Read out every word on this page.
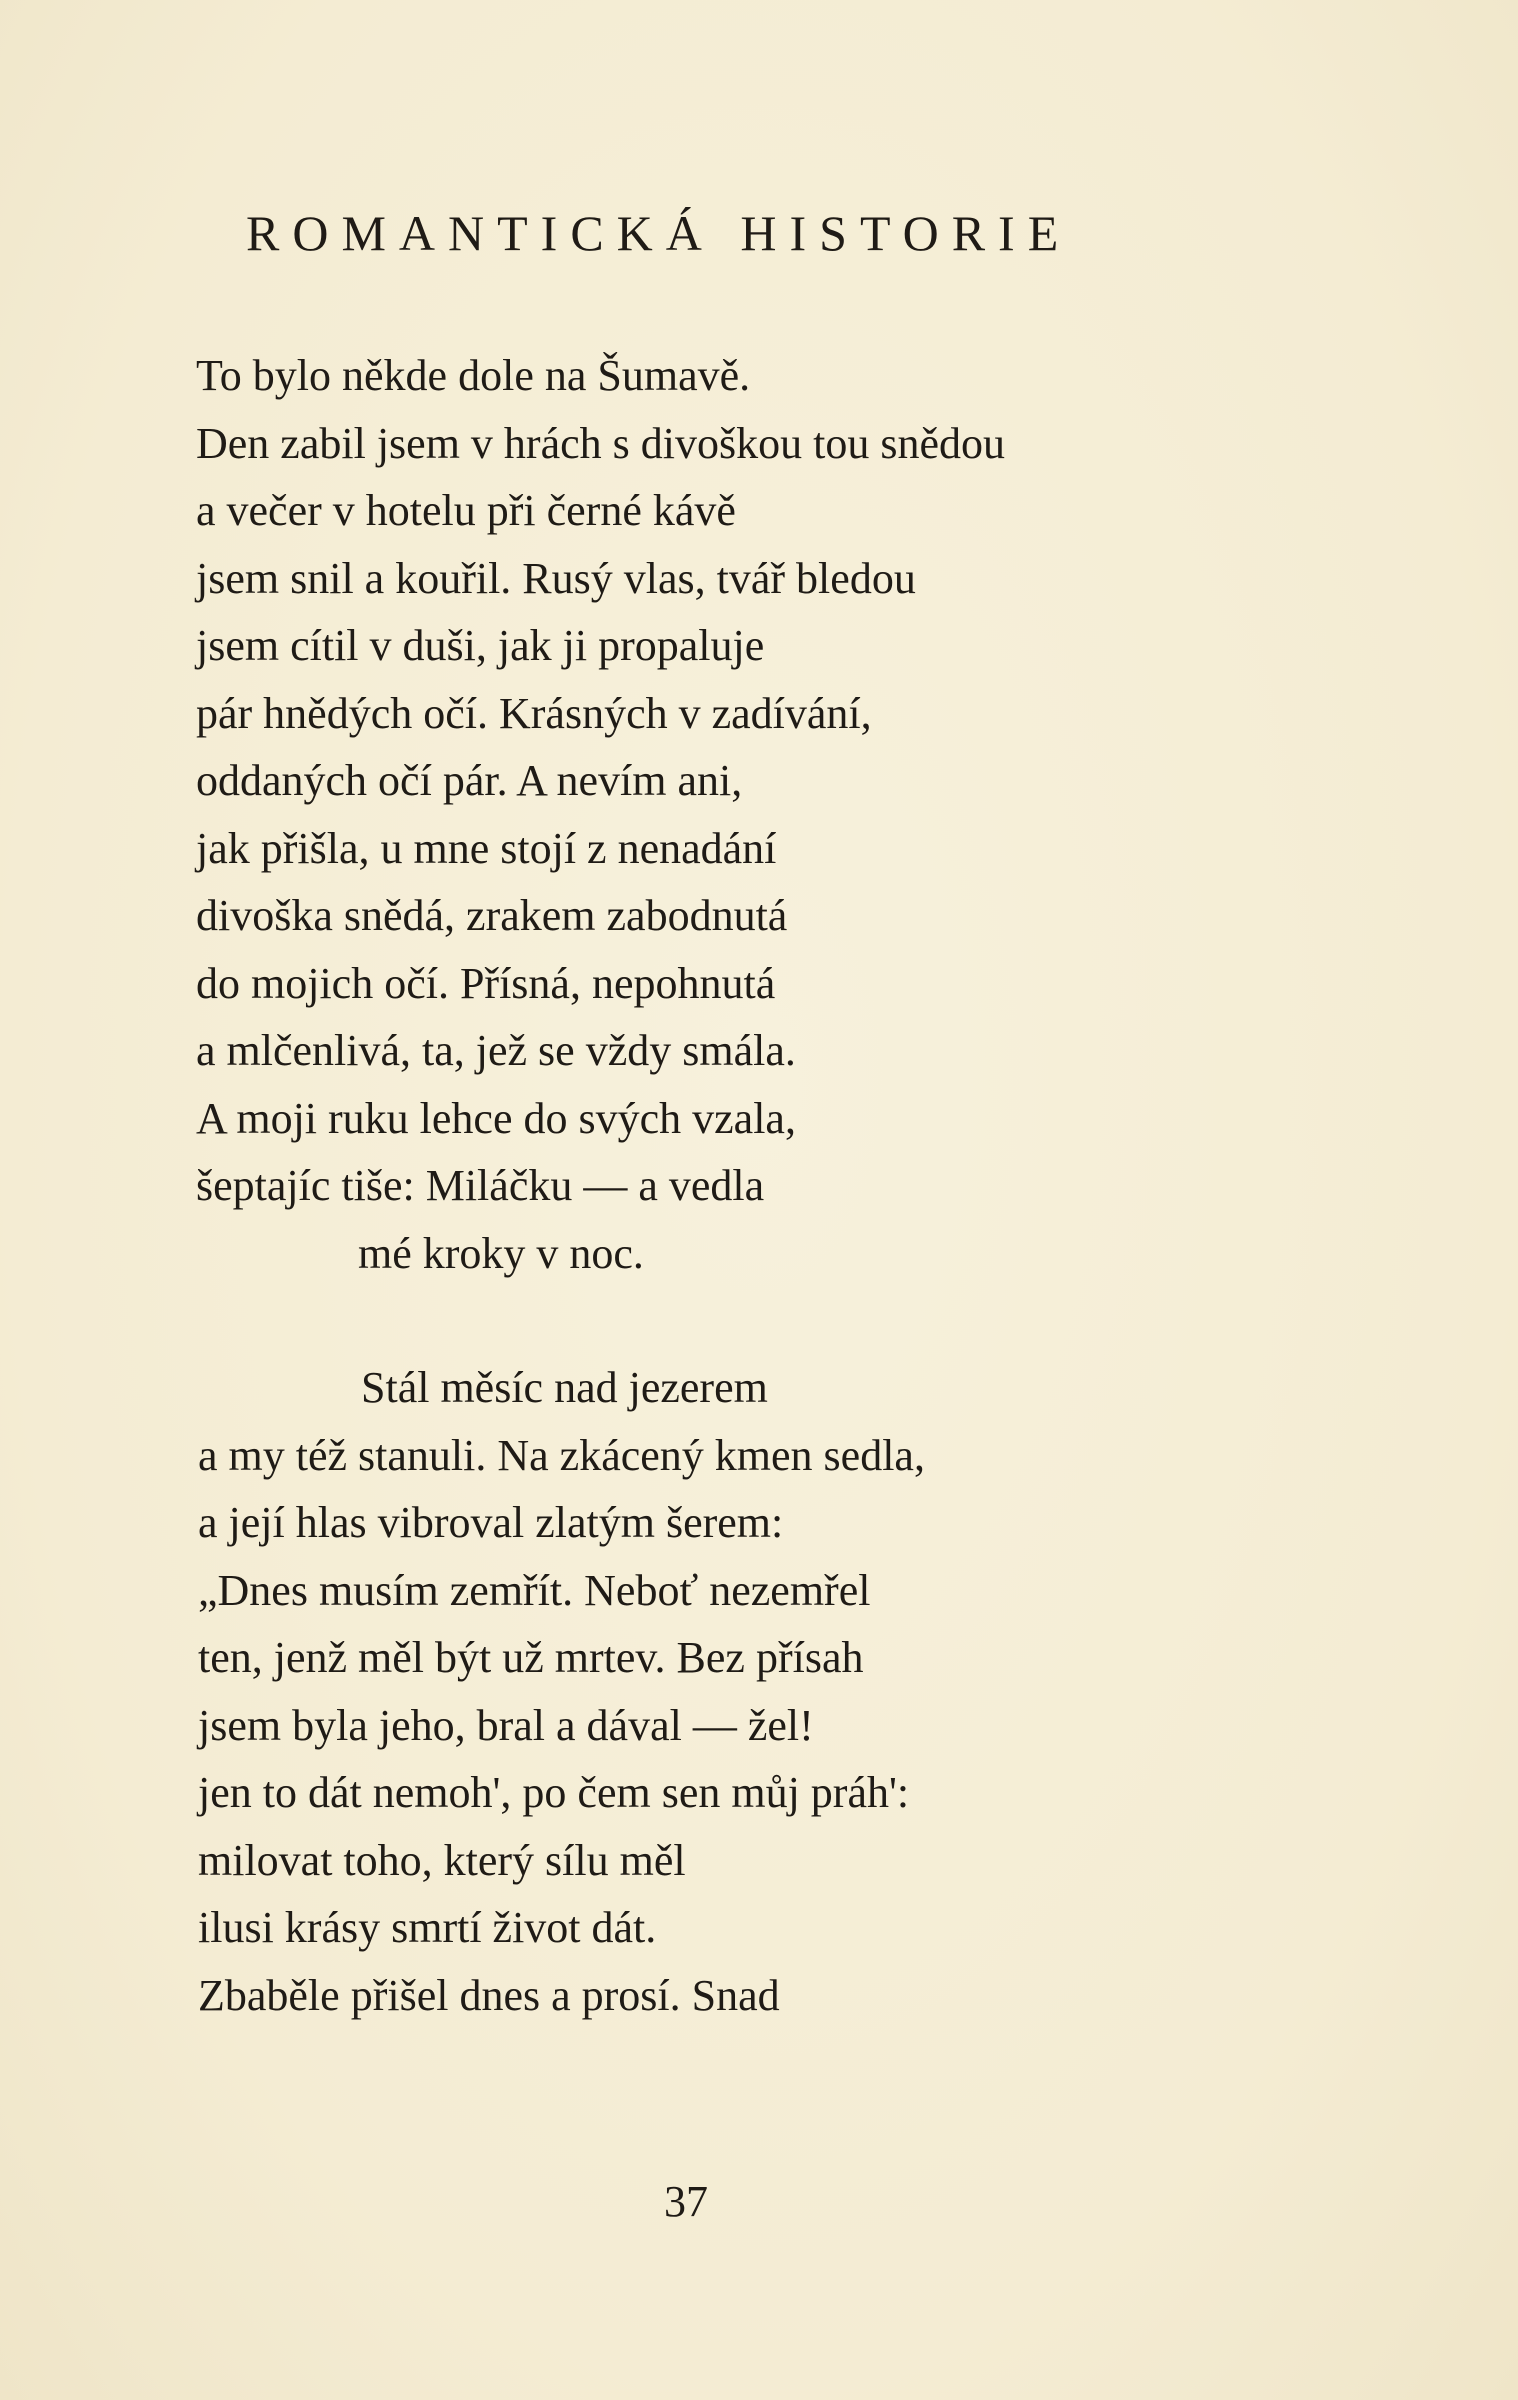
ROMANTICKÁ HISTORIE
To bylo někde dole na Šumavě.
Den zabil jsem v hrách s divoškou tou snědou
a večer v hotelu při černé kávě
jsem snil a kouřil. Rusý vlas, tvář bledou
jsem cítil v duši, jak ji propaluje
pár hnědých očí. Krásných v zadívání,
oddaných očí pár. A nevím ani,
jak přišla, u mne stojí z nenadání
divoška snědá, zrakem zabodnutá
do mojich očí. Přísná, nepohnutá
a mlčenlivá, ta, jež se vždy smála.
A moji ruku lehce do svých vzala,
šeptajíc tiše: Miláčku — a vedla
mé kroky v noc.
Stál měsíc nad jezerem
a my též stanuli. Na zkácený kmen sedla,
a její hlas vibroval zlatým šerem:
„Dnes musím zemřít. Neboť nezemřel
ten, jenž měl být už mrtev. Bez přísah
jsem byla jeho, bral a dával — žel!
jen to dát nemoh', po čem sen můj práh':
milovat toho, který sílu měl
ilusi krásy smrtí život dát.
Zbaběle přišel dnes a prosí. Snad
37
